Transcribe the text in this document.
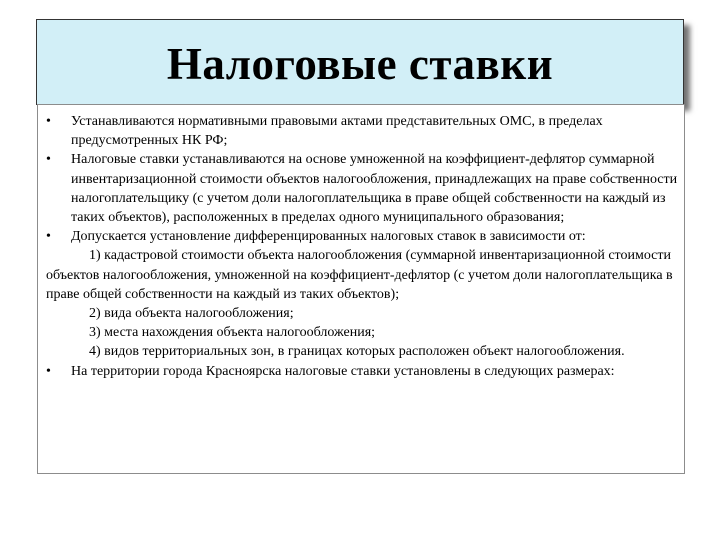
Налоговые ставки
•	Устанавливаются нормативными правовыми актами представительных ОМС, в пределах предусмотренных НК РФ;
•	Налоговые ставки устанавливаются на основе умноженной на коэффициент-дефлятор суммарной инвентаризационной стоимости объектов налогообложения, принадлежащих на праве собственности налогоплательщику (с учетом доли налогоплательщика в праве общей собственности на каждый из таких объектов), расположенных в пределах одного муниципального образования;
•	Допускается установление дифференцированных налоговых ставок в зависимости от:
1) кадастровой стоимости объекта налогообложения (суммарной инвентаризационной стоимости объектов налогообложения, умноженной на коэффициент-дефлятор (с учетом доли налогоплательщика в праве общей собственности на каждый из таких объектов);
2) вида объекта налогообложения;
3) места нахождения объекта налогообложения;
4) видов территориальных зон, в границах которых расположен объект налогообложения.
•	На территории города Красноярска налоговые ставки установлены в следующих размерах:
